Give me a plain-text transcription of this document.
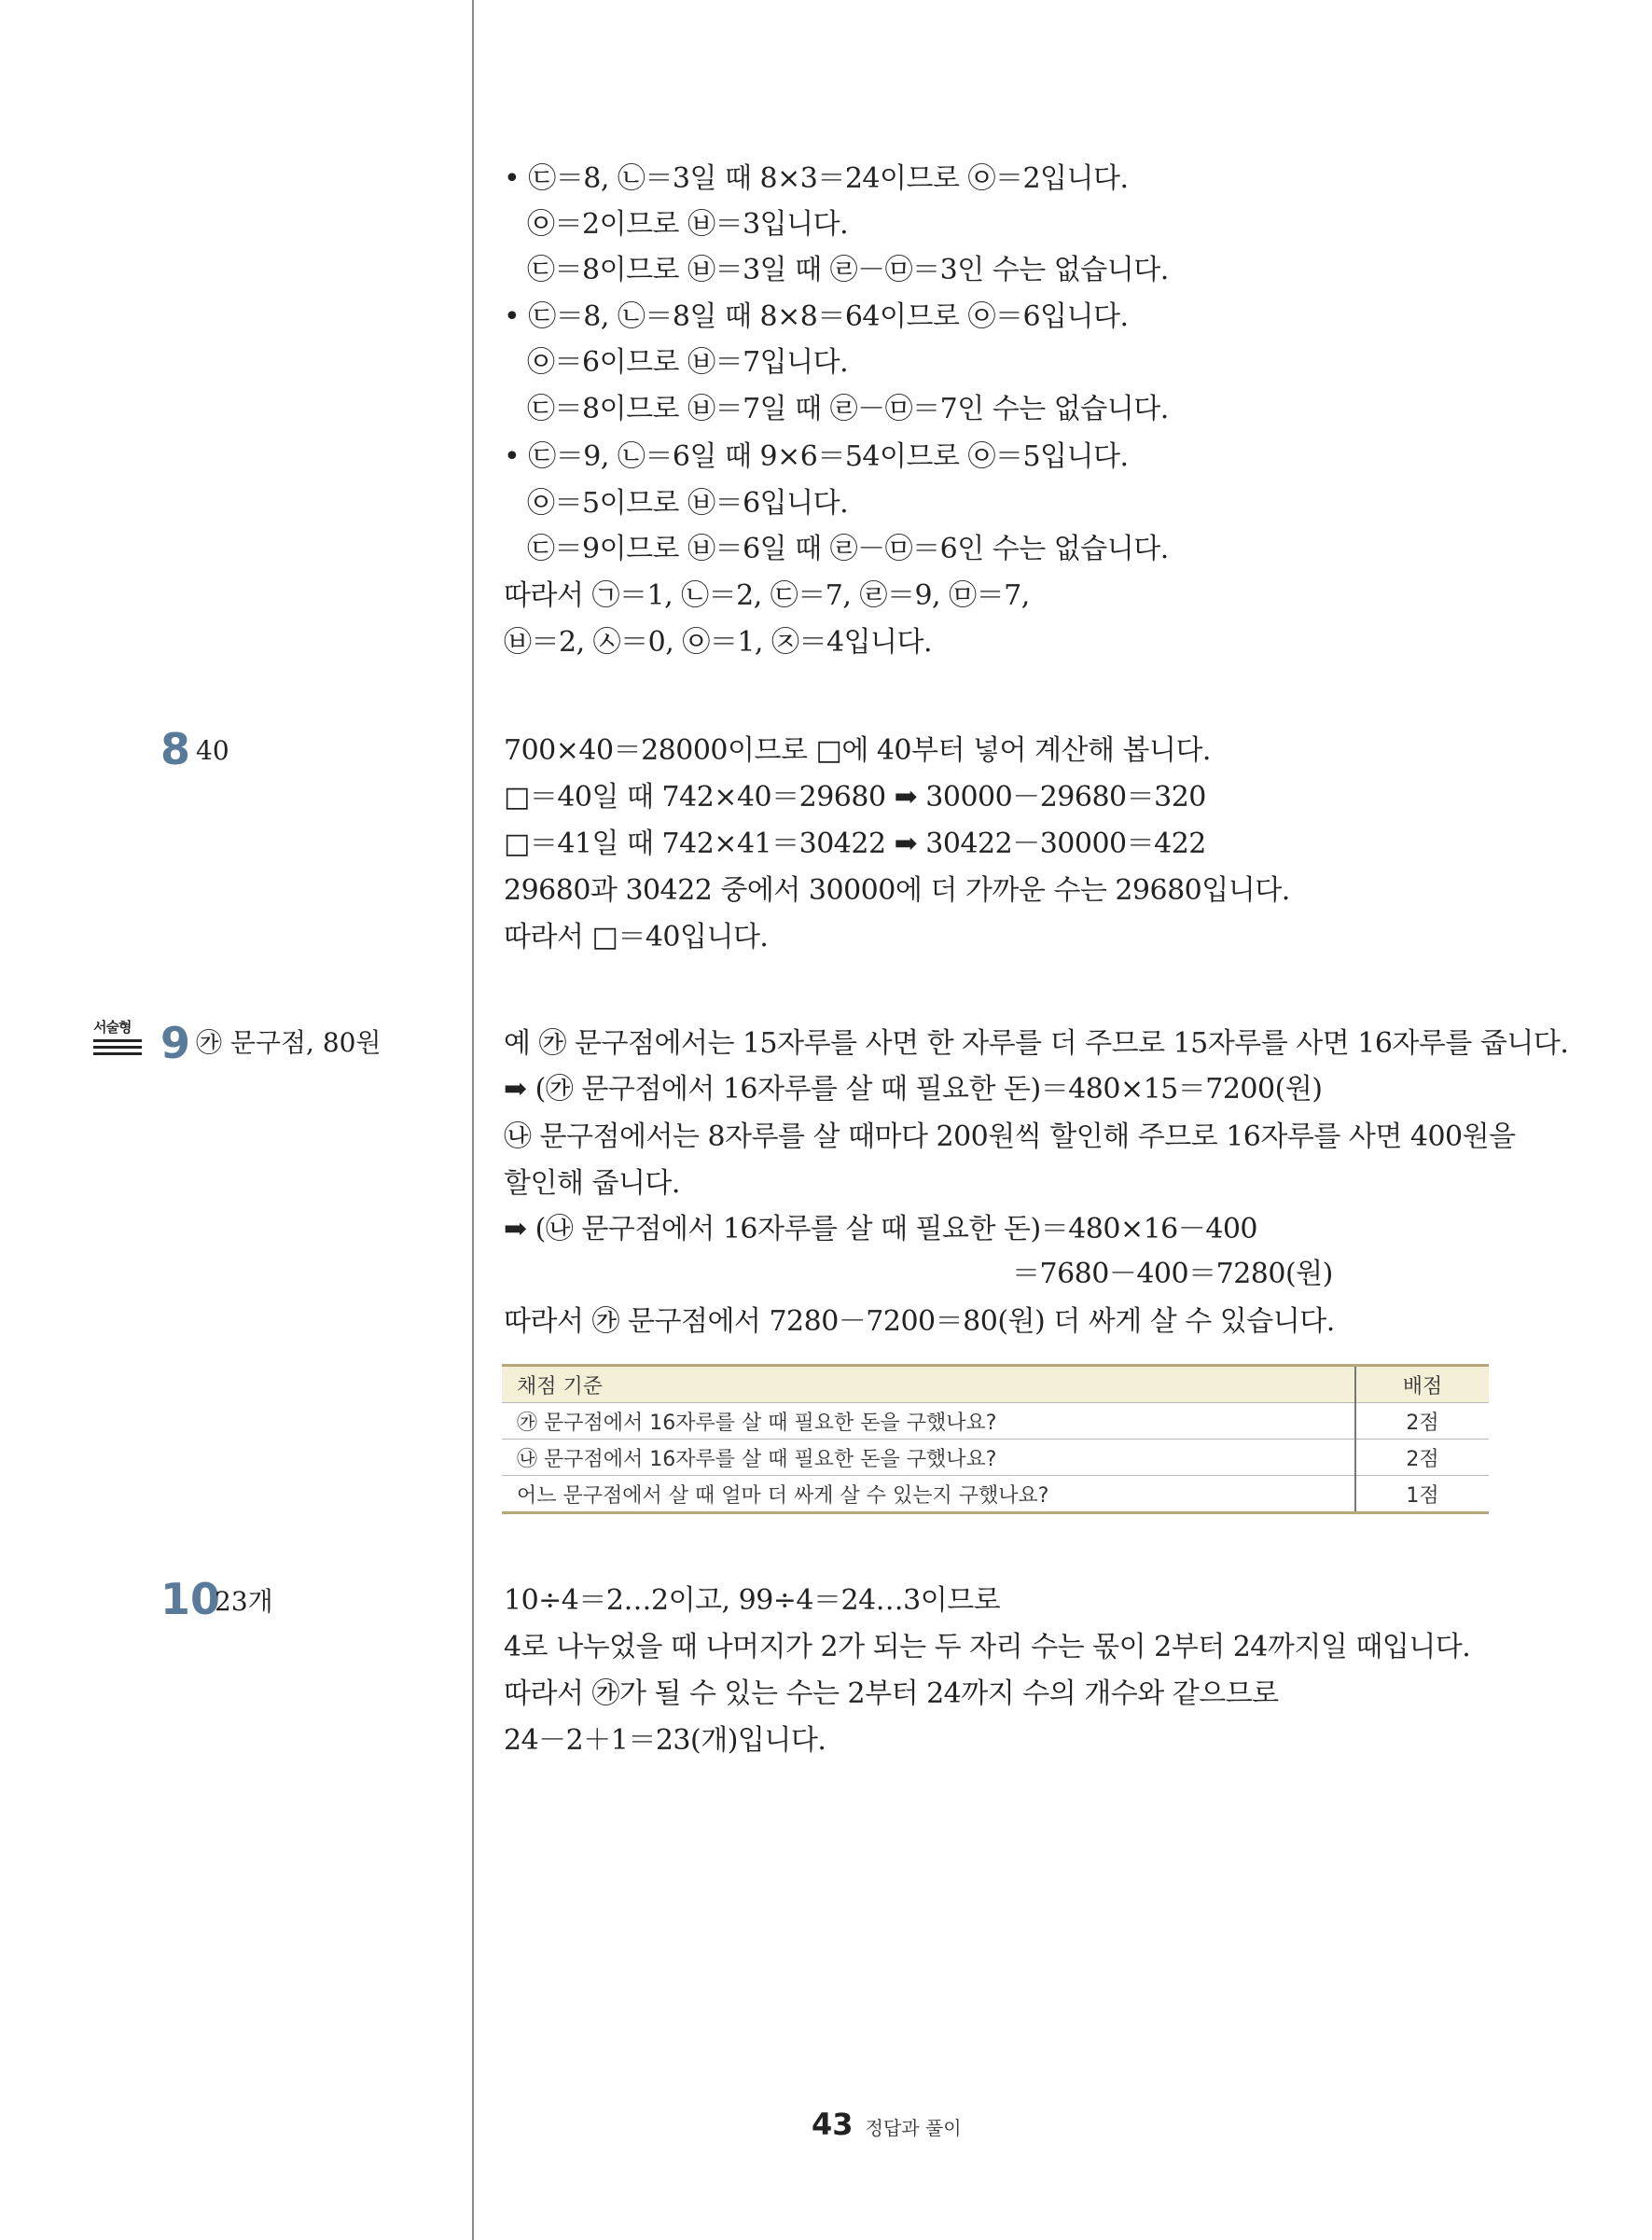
• ㉢＝8, ㉡＝3일 때 8×3＝24이므로 ㉧＝2입니다.
㉧＝2이므로 ㉥＝3입니다.
㉢＝8이므로 ㉥＝3일 때 ㉣－㉤＝3인 수는 없습니다.
• ㉢＝8, ㉡＝8일 때 8×8＝64이므로 ㉧＝6입니다.
㉧＝6이므로 ㉥＝7입니다.
㉢＝8이므로 ㉥＝7일 때 ㉣－㉤＝7인 수는 없습니다.
• ㉢＝9, ㉡＝6일 때 9×6＝54이므로 ㉧＝5입니다.
㉧＝5이므로 ㉥＝6입니다.
㉢＝9이므로 ㉥＝6일 때 ㉣－㉤＝6인 수는 없습니다.
따라서 ㉠＝1, ㉡＝2, ㉢＝7, ㉣＝9, ㉤＝7,
㉥＝2, ㉦＝0, ㉧＝1, ㉨＝4입니다.
8 40	700×40＝28000이므로 □에 40부터 넣어 계산해 봅니다.
□＝40일 때 742×40＝29680 ➡ 30000－29680＝320
□＝41일 때 742×41＝30422 ➡ 30422－30000＝422
29680과 30422 중에서 30000에 더 가까운 수는 29680입니다.
따라서 □＝40입니다.
서술형 9 ㉮ 문구점, 80원	예 ㉮ 문구점에서는 15자루를 사면 한 자루를 더 주므로 15자루를 사면 16자루를 줍니다.
➡ (㉮ 문구점에서 16자루를 살 때 필요한 돈)＝480×15＝7200(원)
㉯ 문구점에서는 8자루를 살 때마다 200원씩 할인해 주므로 16자루를 사면 400원을
할인해 줍니다.
➡ (㉯ 문구점에서 16자루를 살 때 필요한 돈)＝480×16－400
＝7680－400＝7280(원)
따라서 ㉮ 문구점에서 7280－7200＝80(원) 더 싸게 살 수 있습니다.
채점 기준	배점
㉮ 문구점에서 16자루를 살 때 필요한 돈을 구했나요?	2점
㉯ 문구점에서 16자루를 살 때 필요한 돈을 구했나요?	2점
어느 문구점에서 살 때 얼마 더 싸게 살 수 있는지 구했나요?	1점
10
23개	10÷4＝2…2이고, 99÷4＝24…3이므로
4로 나누었을 때 나머지가 2가 되는 두 자리 수는 몫이 2부터 24까지일 때입니다.
따라서 ㉮가 될 수 있는 수는 2부터 24까지 수의 개수와 같으므로
24－2＋1＝23(개)입니다.
43 정답과 풀이
